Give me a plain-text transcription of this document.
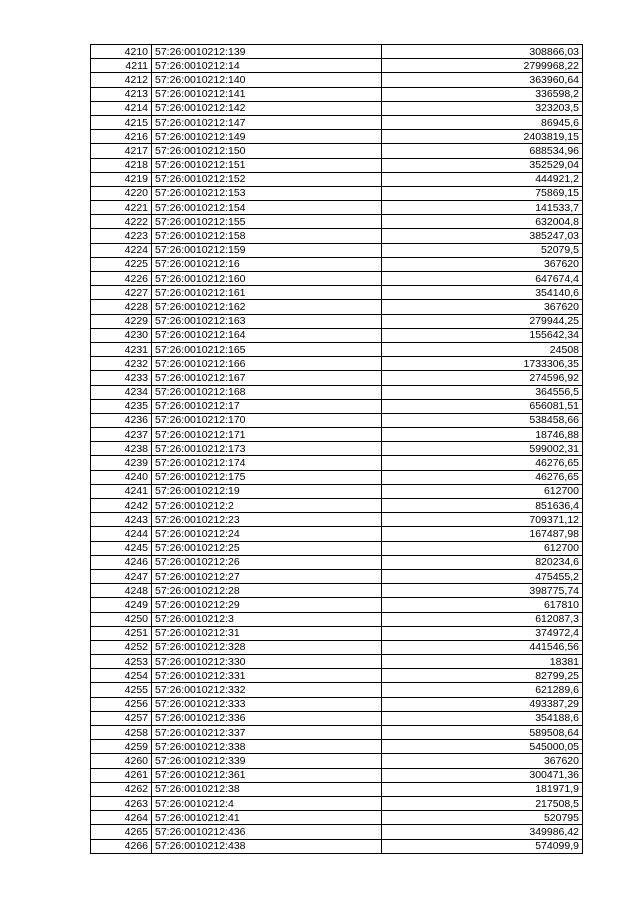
4210	57:26:0010212:139	308866,03
4211	57:26:0010212:14	2799968,22
4212	57:26:0010212:140	363960,64
4213	57:26:0010212:141	336598,2
4214	57:26:0010212:142	323203,5
4215	57:26:0010212:147	86945,6
4216	57:26:0010212:149	2403819,15
4217	57:26:0010212:150	688534,96
4218	57:26:0010212:151	352529,04
4219	57:26:0010212:152	444921,2
4220	57:26:0010212:153	75869,15
4221	57:26:0010212:154	141533,7
4222	57:26:0010212:155	632004,8
4223	57:26:0010212:158	385247,03
4224	57:26:0010212:159	52079,5
4225	57:26:0010212:16	367620
4226	57:26:0010212:160	647674,4
4227	57:26:0010212:161	354140,6
4228	57:26:0010212:162	367620
4229	57:26:0010212:163	279944,25
4230	57:26:0010212:164	155642,34
4231	57:26:0010212:165	24508
4232	57:26:0010212:166	1733306,35
4233	57:26:0010212:167	274596,92
4234	57:26:0010212:168	364556,5
4235	57:26:0010212:17	656081,51
4236	57:26:0010212:170	538458,66
4237	57:26:0010212:171	18746,88
4238	57:26:0010212:173	599002,31
4239	57:26:0010212:174	46276,65
4240	57:26:0010212:175	46276,65
4241	57:26:0010212:19	612700
4242	57:26:0010212:2	851636,4
4243	57:26:0010212:23	709371,12
4244	57:26:0010212:24	167487,98
4245	57:26:0010212:25	612700
4246	57:26:0010212:26	820234,6
4247	57:26:0010212:27	475455,2
4248	57:26:0010212:28	398775,74
4249	57:26:0010212:29	617810
4250	57:26:0010212:3	612087,3
4251	57:26:0010212:31	374972,4
4252	57:26:0010212:328	441546,56
4253	57:26:0010212:330	18381
4254	57:26:0010212:331	82799,25
4255	57:26:0010212:332	621289,6
4256	57:26:0010212:333	493387,29
4257	57:26:0010212:336	354188,6
4258	57:26:0010212:337	589508,64
4259	57:26:0010212:338	545000,05
4260	57:26:0010212:339	367620
4261	57:26:0010212:361	300471,36
4262	57:26:0010212:38	181971,9
4263	57:26:0010212:4	217508,5
4264	57:26:0010212:41	520795
4265	57:26:0010212:436	349986,42
4266	57:26:0010212:438	574099,9
